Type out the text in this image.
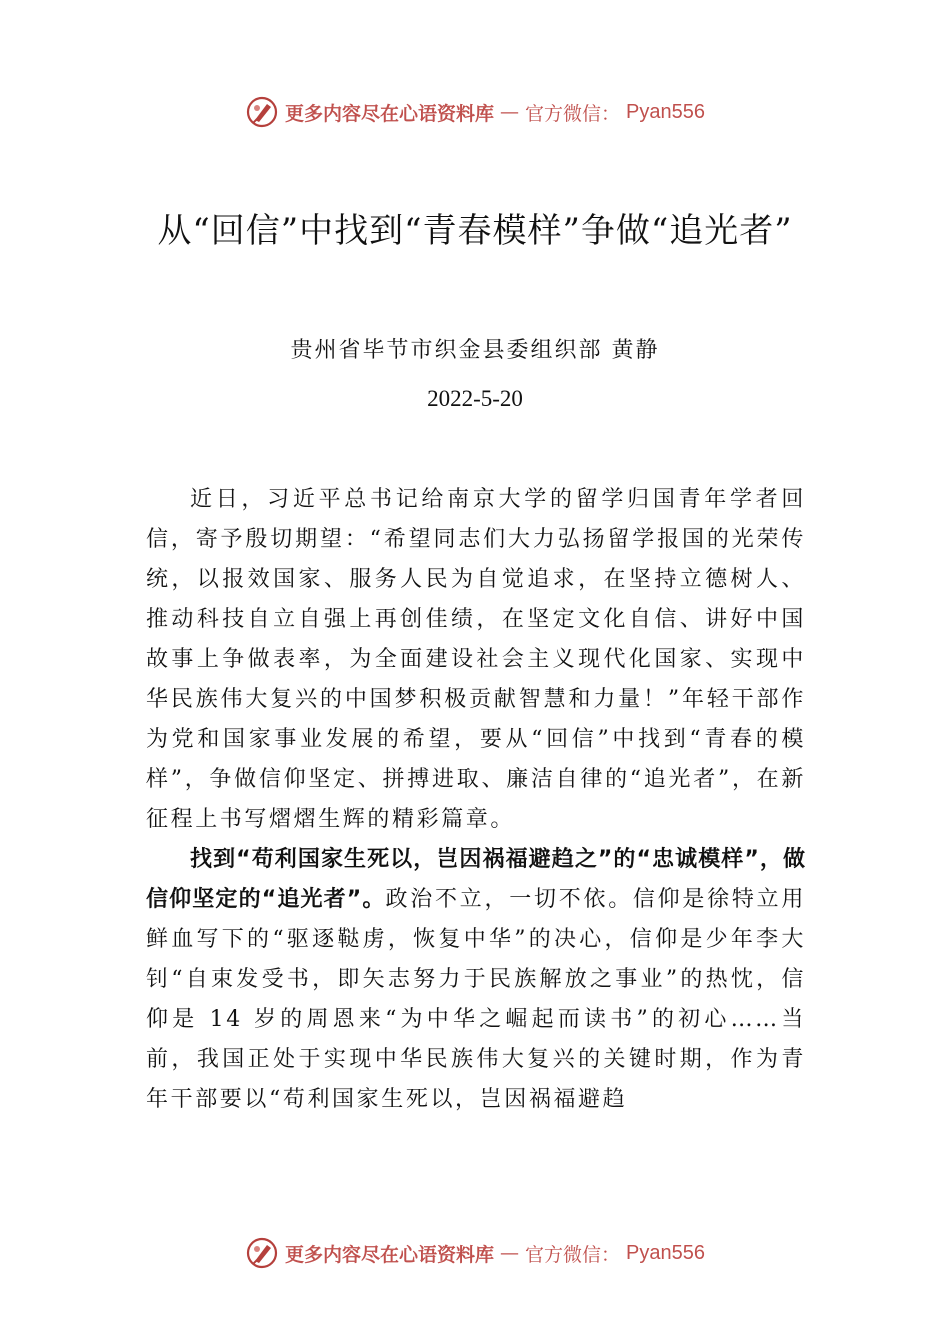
更多内容尽在心语资料库 — 官方微信： Pyan556
从“回信”中找到“青春模样”争做“追光者”
贵州省毕节市织金县委组织部 黄静
2022-5-20

近日，习近平总书记给南京大学的留学归国青年学者回信，寄予殷切期望：“希望同志们大力弘扬留学报国的光荣传统，以报效国家、服务人民为自觉追求，在坚持立德树人、推动科技自立自强上再创佳绩，在坚定文化自信、讲好中国故事上争做表率，为全面建设社会主义现代化国家、实现中华民族伟大复兴的中国梦积极贡献智慧和力量！”年轻干部作为党和国家事业发展的希望，要从“回信”中找到“青春的模样”，争做信仰坚定、拼搏进取、廉洁自律的“追光者”，在新征程上书写熠熠生辉的精彩篇章。

找到“苟利国家生死以，岂因祸福避趋之”的“忠诚模样”，做信仰坚定的“追光者”。政治不立，一切不依。信仰是徐特立用鲜血写下的“驱逐鞑虏，恢复中华”的决心，信仰是少年李大钊“自束发受书，即矢志努力于民族解放之事业”的热忱，信仰是 14 岁的周恩来“为中华之崛起而读书”的初心……当前，我国正处于实现中华民族伟大复兴的关键时期，作为青年干部要以“苟利国家生死以，岂因祸福避趋

更多内容尽在心语资料库 — 官方微信： Pyan556
